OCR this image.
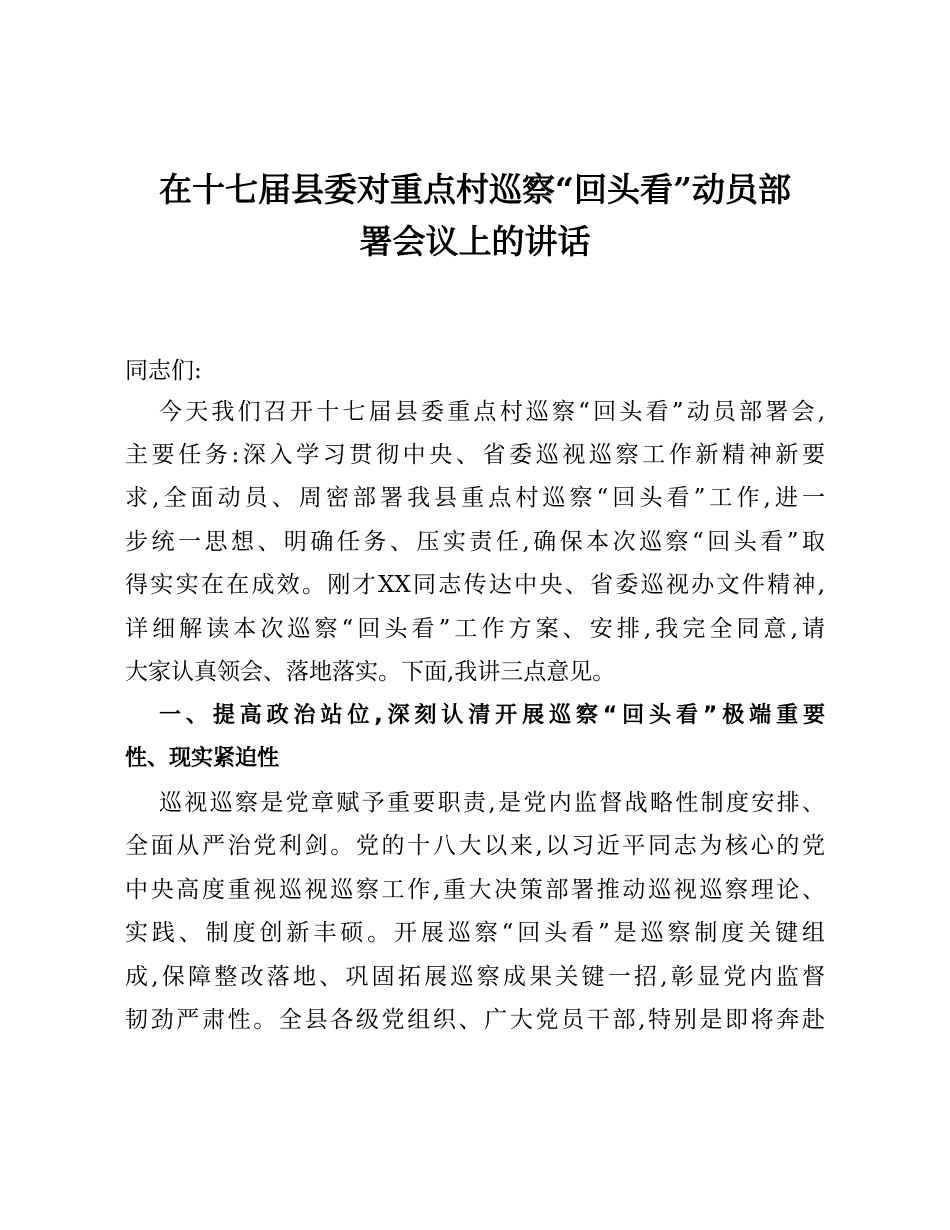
在十七届县委对重点村巡察“回头看”动员部
署会议上的讲话
同志们:
今天我们召开十七届县委重点村巡察“回头看”动员部署会,
主要任务:深入学习贯彻中央、省委巡视巡察工作新精神新要
求,全面动员、周密部署我县重点村巡察“回头看”工作,进一
步统一思想、明确任务、压实责任,确保本次巡察“回头看”取
得实实在在成效。刚才XX同志传达中央、省委巡视办文件精神,
详细解读本次巡察“回头看”工作方案、安排,我完全同意,请
大家认真领会、落地落实。下面,我讲三点意见。
一、提高政治站位,深刻认清开展巡察“回头看”极端重要
性、现实紧迫性
巡视巡察是党章赋予重要职责,是党内监督战略性制度安排、
全面从严治党利剑。党的十八大以来,以习近平同志为核心的党
中央高度重视巡视巡察工作,重大决策部署推动巡视巡察理论、
实践、制度创新丰硕。开展巡察“回头看”是巡察制度关键组
成,保障整改落地、巩固拓展巡察成果关键一招,彰显党内监督
韧劲严肃性。全县各级党组织、广大党员干部,特别是即将奔赴
